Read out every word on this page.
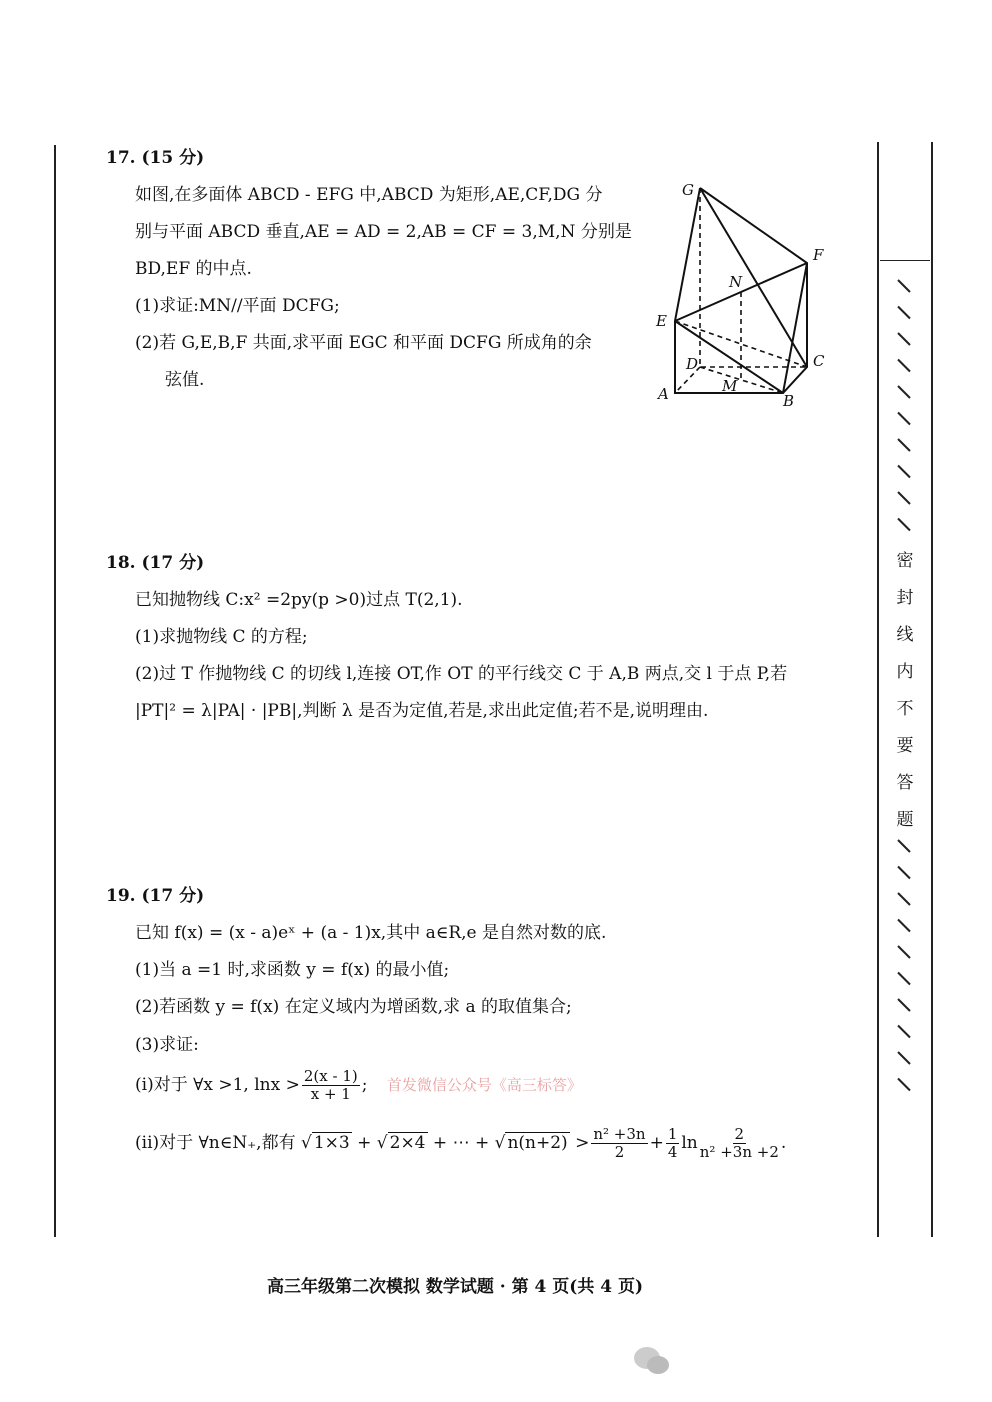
17. (15 分)
如图,在多面体 ABCD - EFG 中,ABCD 为矩形,AE,CF,DG 分
别与平面 ABCD 垂直,AE = AD = 2,AB = CF = 3,M,N 分别是
BD,EF 的中点.
(1)求证:MN//平面 DCFG;
(2)若 G,E,B,F 共面,求平面 EGC 和平面 DCFG 所成角的余
弦值.
G
F
N
E
D	C
A	M
B
18. (17 分)
已知抛物线 C:x² =2py(p >0)过点 T(2,1).
(1)求抛物线 C 的方程;
(2)过 T 作抛物线 C 的切线 l,连接 OT,作 OT 的平行线交 C 于 A,B 两点,交 l 于点 P,若
|PT|² = λ|PA| · |PB|,判断 λ 是否为定值,若是,求出此定值;若不是,说明理由.
19. (17 分)
已知 f(x) = (x - a)eˣ + (a - 1)x,其中 a∈R,e 是自然对数的底.
(1)当 a =1 时,求函数 y = f(x) 的最小值;
(2)若函数 y = f(x) 在定义域内为增函数,求 a 的取值集合;
(3)求证:
(i)对于 ∀x >1, $\ln x > \frac{2(x - 1)}{x + 1}$ ; 首发微信公众号《高三标答》
(ii)对于 ∀n∈N₊,都有 √ 1×3 + √ 2×4 + ⋯ + √ $n(n+2) > \frac{\text{n² +3n}}{2} + \frac{1}{4}$ $\ln \frac{2}{\text{n² +3n +2}}$ .
密
封
线
内
不
要
答
题
高三年级第二次模拟 数学试题 · 第 4 页(共 4 页)
